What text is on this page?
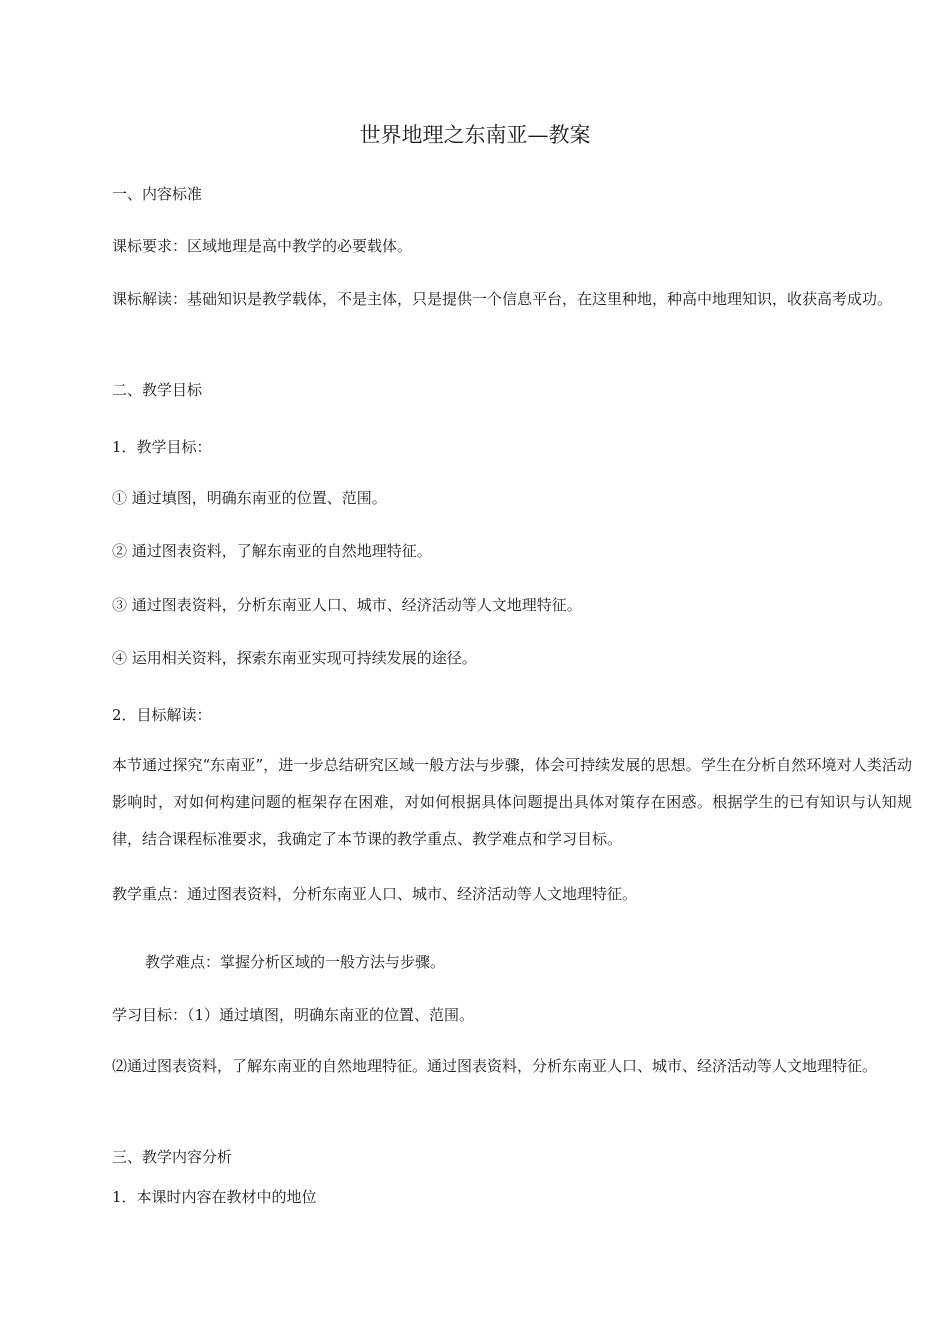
世界地理之东南亚—教案
一、内容标准
课标要求：区域地理是高中教学的必要载体。
课标解读：基础知识是教学载体，不是主体，只是提供一个信息平台，在这里种地，种高中地理知识，收获高考成功。
二、教学目标
1．教学目标：
① 通过填图，明确东南亚的位置、范围。
② 通过图表资料，了解东南亚的自然地理特征。
③ 通过图表资料，分析东南亚人口、城市、经济活动等人文地理特征。
④ 运用相关资料，探索东南亚实现可持续发展的途径。
2．目标解读：
本节通过探究“东南亚”，进一步总结研究区域一般方法与步骤，体会可持续发展的思想。学生在分析自然环境对人类活动影响时，对如何构建问题的框架存在困难，对如何根据具体问题提出具体对策存在困惑。根据学生的已有知识与认知规律，结合课程标准要求，我确定了本节课的教学重点、教学难点和学习目标。
教学重点：通过图表资料，分析东南亚人口、城市、经济活动等人文地理特征。
教学难点：掌握分析区域的一般方法与步骤。
学习目标：（1）通过填图，明确东南亚的位置、范围。
⑵通过图表资料，了解东南亚的自然地理特征。通过图表资料，分析东南亚人口、城市、经济活动等人文地理特征。
三、教学内容分析
1．本课时内容在教材中的地位
